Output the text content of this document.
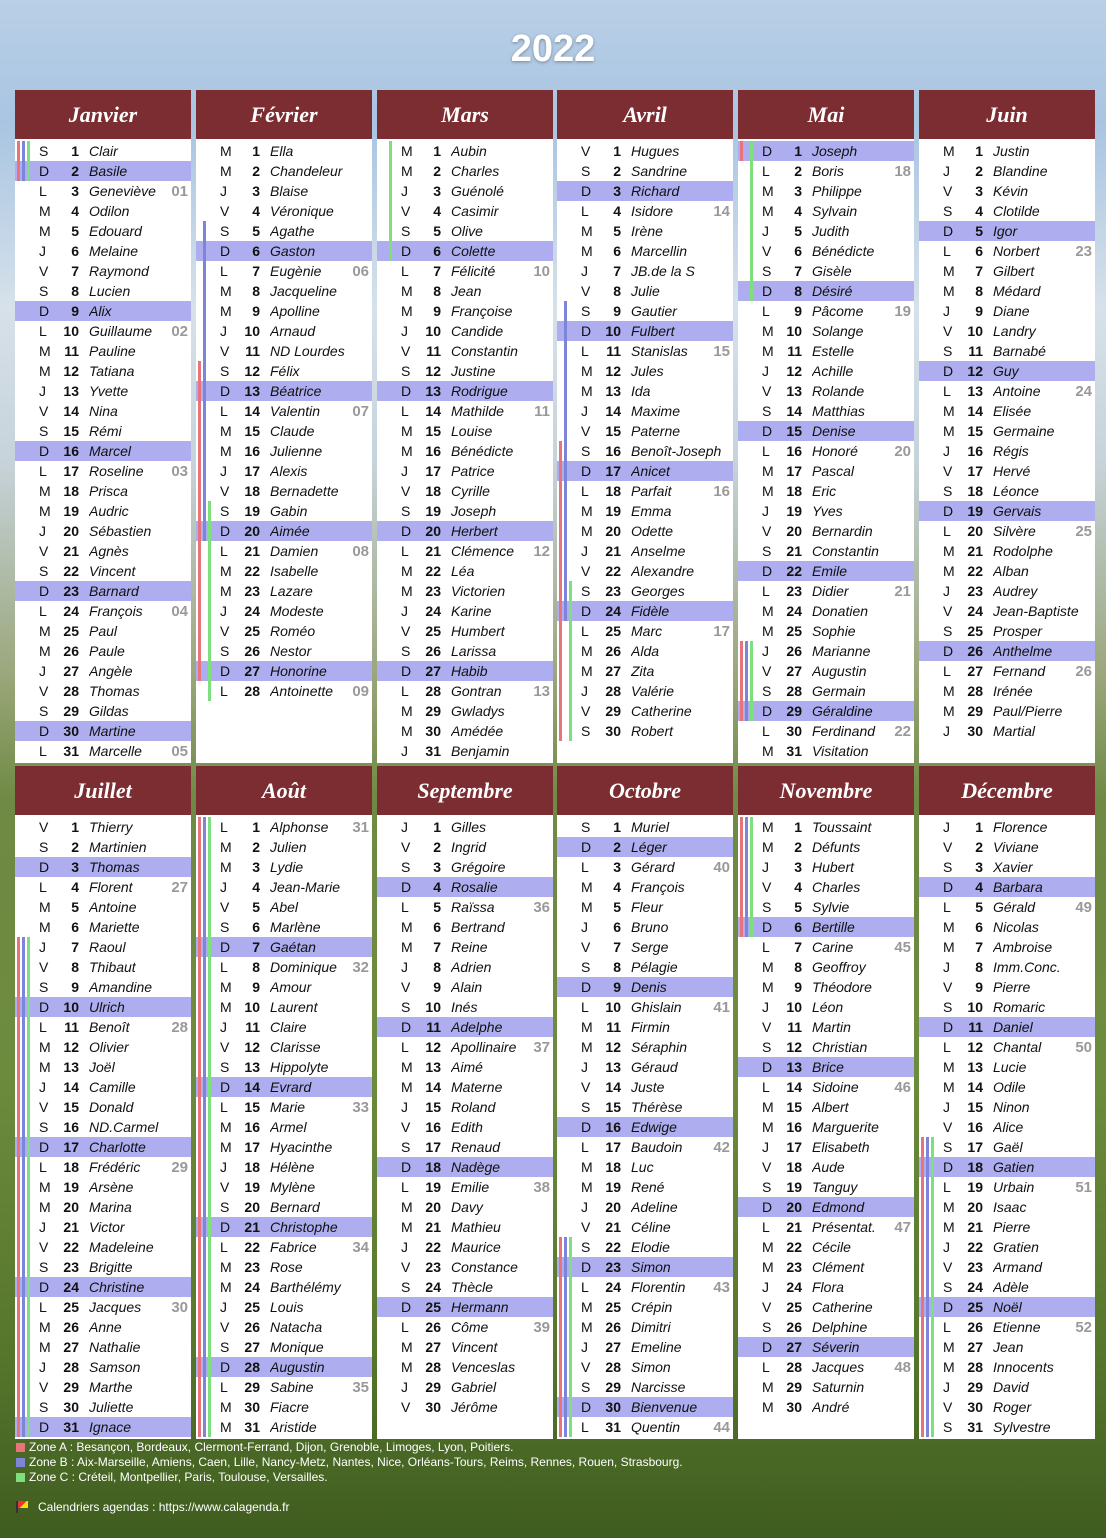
2022
Janvier
S	1 Clair
D	2 Basile
L	3 Geneviève	01
M	4 Odilon
M	5 Edouard
J	6 Melaine
V	7 Raymond
S	8 Lucien
D	9 Alix
L	10 Guillaume	02
M 11 Pauline
M 12 Tatiana
J	13 Yvette
V	14 Nina
S	15 Rémi
D	16 Marcel
L	17 Roseline	03
M 18 Prisca
M 19 Audric
J	20 Sébastien
V	21 Agnès
S	22 Vincent
D	23 Barnard
L	24 François	04
M 25 Paul
M 26 Paule
J	27 Angèle
V	28 Thomas
S	29 Gildas
D	30 Martine
L	31 Marcelle	05
Février
M	1 Ella
M	2 Chandeleur
J	3 Blaise
V	4 Véronique
S	5 Agathe
D	6 Gaston
L	7 Eugènie	06
M	8 Jacqueline
M	9 Apolline
J	10 Arnaud
V	11 ND Lourdes
S	12 Félix
D	13 Béatrice
L	14 Valentin	07
M 15 Claude
M 16 Julienne
J	17 Alexis
V	18 Bernadette
S	19 Gabin
D	20 Aimée
L	21 Damien	08
M 22 Isabelle
M 23 Lazare
J	24 Modeste
V	25 Roméo
S	26 Nestor
D	27 Honorine
L	28 Antoinette	09
Mars
M	1 Aubin
M	2 Charles
J	3 Guénolé
V	4 Casimir
S	5 Olive
D	6 Colette
L	7 Félicité	10
M	8 Jean
M	9 Françoise
J	10 Candide
V	11 Constantin
S	12 Justine
D	13 Rodrigue
L	14 Mathilde	11
M 15 Louise
M 16 Bénédicte
J	17 Patrice
V	18 Cyrille
S	19 Joseph
D	20 Herbert
L	21 Clémence	12
M 22 Léa
M 23 Victorien
J	24 Karine
V	25 Humbert
S	26 Larissa
D	27 Habib
L	28 Gontran	13
M 29 Gwladys
M 30 Amédée
J	31 Benjamin
Avril
V	1 Hugues
S	2 Sandrine
D	3 Richard
L	4 Isidore	14
M	5 Irène
M	6 Marcellin
J	7 JB.de la S
V	8 Julie
S	9 Gautier
D	10 Fulbert
L	11 Stanislas	15
M 12 Jules
M 13 Ida
J	14 Maxime
V	15 Paterne
S	16 Benoît-Joseph
D	17 Anicet
L	18 Parfait	16
M 19 Emma
M 20 Odette
J	21 Anselme
V	22 Alexandre
S	23 Georges
D	24 Fidèle
L	25 Marc	17
M 26 Alda
M 27 Zita
J	28 Valérie
V	29 Catherine
S	30 Robert
Mai
D	1 Joseph
L	2 Boris	18
M	3 Philippe
M	4 Sylvain
J	5 Judith
V	6 Bénédicte
S	7 Gisèle
D	8 Désiré
L	9 Pâcome	19
M 10 Solange
M 11 Estelle
J	12 Achille
V	13 Rolande
S	14 Matthias
D	15 Denise
L	16 Honoré	20
M 17 Pascal
M 18 Eric
J	19 Yves
V	20 Bernardin
S	21 Constantin
D	22 Emile
L	23 Didier	21
M 24 Donatien
M 25 Sophie
J	26 Marianne
V	27 Augustin
S	28 Germain
D	29 Géraldine
L	30 Ferdinand	22
M 31 Visitation
Juin
M	1 Justin
J	2 Blandine
V	3 Kévin
S	4 Clotilde
D	5 Igor
L	6 Norbert	23
M	7 Gilbert
M	8 Médard
J	9 Diane
V	10 Landry
S	11 Barnabé
D	12 Guy
L	13 Antoine	24
M 14 Elisée
M 15 Germaine
J	16 Régis
V	17 Hervé
S	18 Léonce
D	19 Gervais
L	20 Silvère	25
M 21 Rodolphe
M 22 Alban
J	23 Audrey
V	24 Jean-Baptiste
S	25 Prosper
D	26 Anthelme
L	27 Fernand	26
M 28 Irénée
M 29 Paul/Pierre
J	30 Martial
Juillet
V	1 Thierry
S	2 Martinien
D	3 Thomas
L	4 Florent	27
M	5 Antoine
M	6 Mariette
J	7 Raoul
V	8 Thibaut
S	9 Amandine
D	10 Ulrich
L	11 Benoît	28
M 12 Olivier
M 13 Joël
J	14 Camille
V	15 Donald
S	16 ND.Carmel
D	17 Charlotte
L	18 Frédéric	29
M 19 Arsène
M 20 Marina
J	21 Victor
V	22 Madeleine
S	23 Brigitte
D	24 Christine
L	25 Jacques	30
M 26 Anne
M 27 Nathalie
J	28 Samson
V	29 Marthe
S	30 Juliette
D	31 Ignace
Août
L	1 Alphonse	31
M	2 Julien
M	3 Lydie
J	4 Jean-Marie
V	5 Abel
S	6 Marlène
D	7 Gaétan
L	8 Dominique	32
M	9 Amour
M 10 Laurent
J	11 Claire
V	12 Clarisse
S	13 Hippolyte
D	14 Evrard
L	15 Marie	33
M 16 Armel
M 17 Hyacinthe
J	18 Hélène
V	19 Mylène
S	20 Bernard
D	21 Christophe
L	22 Fabrice	34
M 23 Rose
M 24 Barthélémy
J	25 Louis
V	26 Natacha
S	27 Monique
D	28 Augustin
L	29 Sabine	35
M 30 Fiacre
M 31 Aristide
Septembre
J	1 Gilles
V	2 Ingrid
S	3 Grégoire
D	4 Rosalie
L	5 Raïssa	36
M	6 Bertrand
M	7 Reine
J	8 Adrien
V	9 Alain
S	10 Inés
D	11 Adelphe
L	12 Apollinaire	37
M 13 Aimé
M 14 Materne
J	15 Roland
V	16 Edith
S	17 Renaud
D	18 Nadège
L	19 Emilie	38
M 20 Davy
M 21 Mathieu
J	22 Maurice
V	23 Constance
S	24 Thècle
D	25 Hermann
L	26 Côme	39
M 27 Vincent
M 28 Venceslas
J	29 Gabriel
V	30 Jérôme
Octobre
S	1 Muriel
D	2 Léger
L	3 Gérard	40
M	4 François
M	5 Fleur
J	6 Bruno
V	7 Serge
S	8 Pélagie
D	9 Denis
L	10 Ghislain	41
M 11 Firmin
M 12 Séraphin
J	13 Géraud
V	14 Juste
S	15 Thérèse
D	16 Edwige
L	17 Baudoin	42
M 18 Luc
M 19 René
J	20 Adeline
V	21 Céline
S	22 Elodie
D	23 Simon
L	24 Florentin	43
M 25 Crépin
M 26 Dimitri
J	27 Emeline
V	28 Simon
S	29 Narcisse
D	30 Bienvenue
L	31 Quentin	44
Novembre
M	1 Toussaint
M	2 Défunts
J	3 Hubert
V	4 Charles
S	5 Sylvie
D	6 Bertille
L	7 Carine	45
M	8 Geoffroy
M	9 Théodore
J	10 Léon
V	11 Martin
S	12 Christian
D	13 Brice
L	14 Sidoine	46
M 15 Albert
M 16 Marguerite
J	17 Elisabeth
V	18 Aude
S	19 Tanguy
D	20 Edmond
L	21 Présentat.	47
M 22 Cécile
M 23 Clément
J	24 Flora
V	25 Catherine
S	26 Delphine
D	27 Séverin
L	28 Jacques	48
M 29 Saturnin
M 30 André
Décembre
J	1 Florence
V	2 Viviane
S	3 Xavier
D	4 Barbara
L	5 Gérald	49
M	6 Nicolas
M	7 Ambroise
J	8 Imm.Conc.
V	9 Pierre
S	10 Romaric
D	11 Daniel
L	12 Chantal	50
M 13 Lucie
M 14 Odile
J	15 Ninon
V	16 Alice
S	17 Gaël
D	18 Gatien
L	19 Urbain	51
M 20 Isaac
M 21 Pierre
J	22 Gratien
V	23 Armand
S	24 Adèle
D	25 Noël
L	26 Etienne	52
M 27 Jean
M 28 Innocents
J	29 David
V	30 Roger
S	31 Sylvestre
Zone A : Besançon, Bordeaux, Clermont-Ferrand, Dijon, Grenoble, Limoges, Lyon, Poitiers.
Zone B : Aix-Marseille, Amiens, Caen, Lille, Nancy-Metz, Nantes, Nice, Orléans-Tours, Reims, Rennes, Rouen, Strasbourg.
Zone C : Créteil, Montpellier, Paris, Toulouse, Versailles.
Calendriers agendas : https://www.calagenda.fr
